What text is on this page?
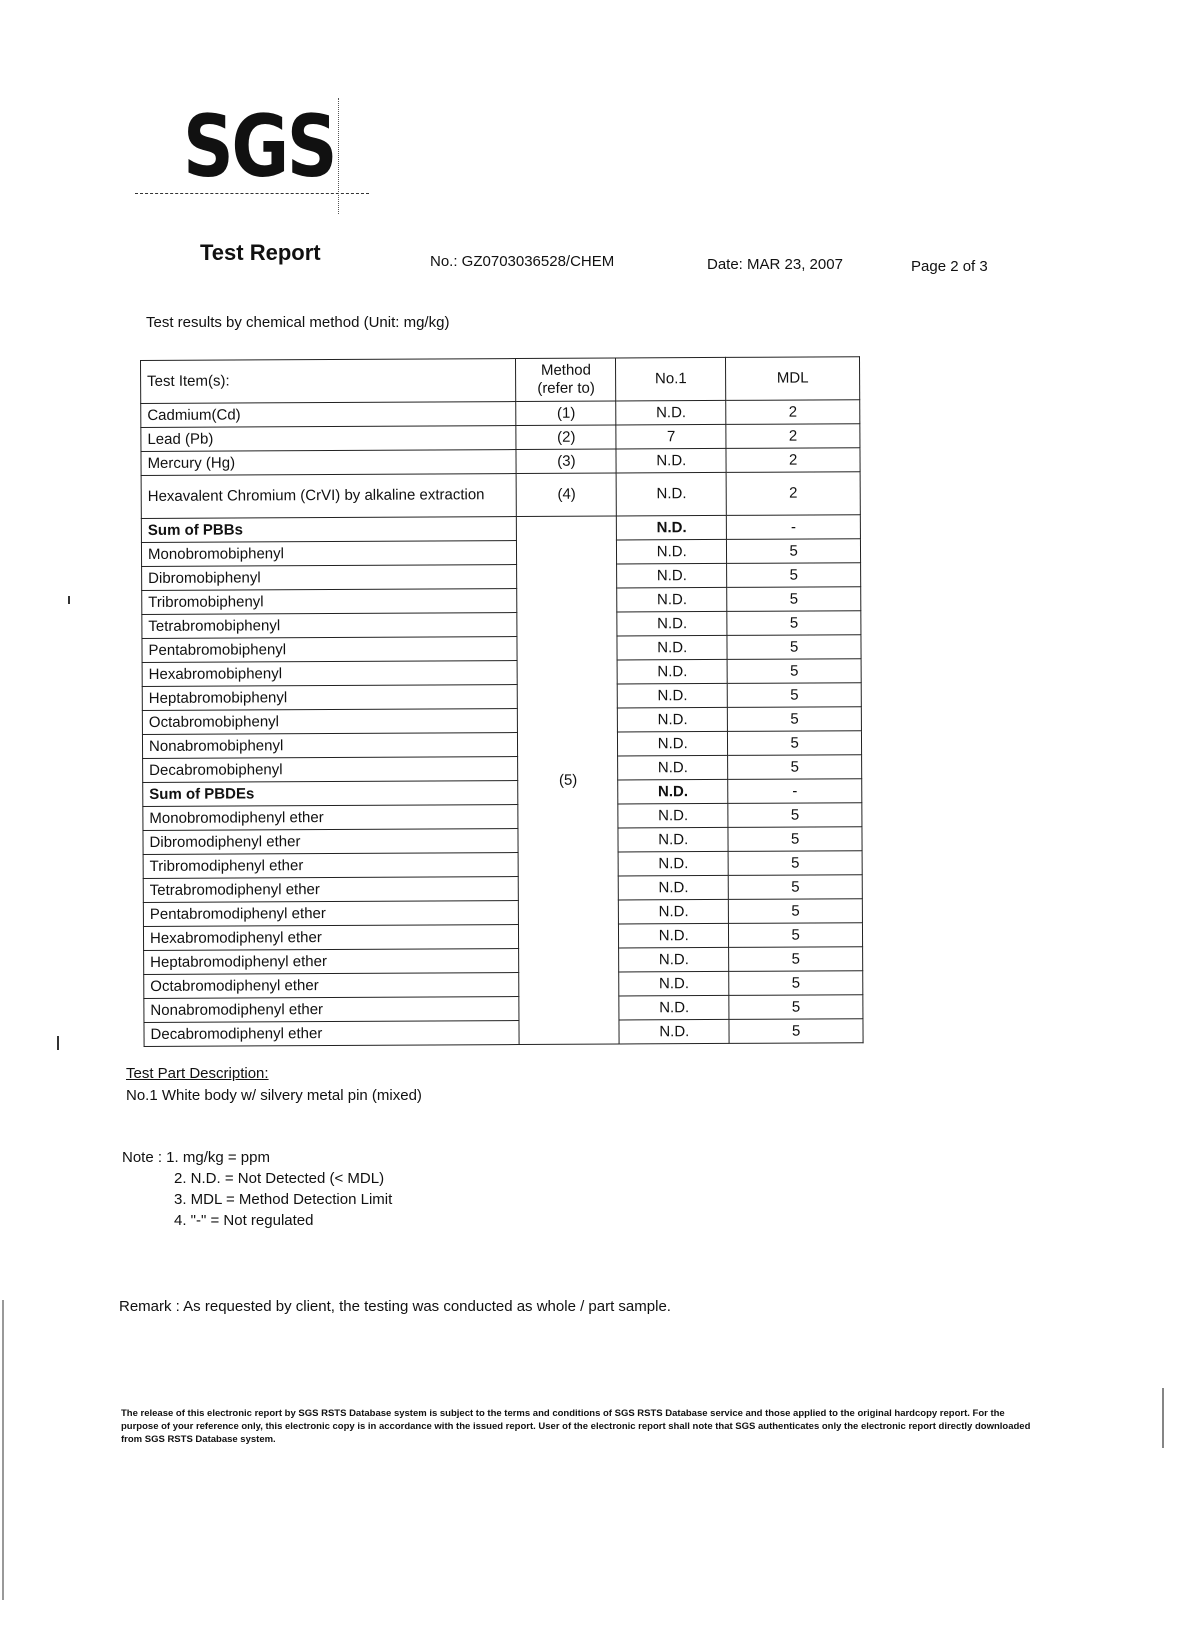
SGS
Test Report	No.: GZ0703036528/CHEM	Date: MAR 23, 2007	Page 2 of 3
Test results by chemical method (Unit: mg/kg)
Test Item(s):	Method (refer to)	No.1	MDL
Cadmium(Cd)	(1)	N.D.	2
Lead (Pb)	(2)	7	2
Mercury (Hg)	(3)	N.D.	2
Hexavalent Chromium (CrVI) by alkaline extraction	(4)	N.D.	2
Sum of PBBs	(5)	N.D.	-
Monobromobiphenyl		N.D.	5
Dibromobiphenyl		N.D.	5
Tribromobiphenyl		N.D.	5
Tetrabromobiphenyl		N.D.	5
Pentabromobiphenyl		N.D.	5
Hexabromobiphenyl		N.D.	5
Heptabromobiphenyl		N.D.	5
Octabromobiphenyl		N.D.	5
Nonabromobiphenyl		N.D.	5
Decabromobiphenyl		N.D.	5
Sum of PBDEs		N.D.	-
Monobromodiphenyl ether		N.D.	5
Dibromodiphenyl ether		N.D.	5
Tribromodiphenyl ether		N.D.	5
Tetrabromodiphenyl ether		N.D.	5
Pentabromodiphenyl ether		N.D.	5
Hexabromodiphenyl ether		N.D.	5
Heptabromodiphenyl ether		N.D.	5
Octabromodiphenyl ether		N.D.	5
Nonabromodiphenyl ether		N.D.	5
Decabromodiphenyl ether		N.D.	5
Test Part Description:
No.1 White body w/ silvery metal pin (mixed)
Note : 1. mg/kg = ppm
2. N.D. = Not Detected (< MDL)
3. MDL = Method Detection Limit
4. "-" = Not regulated
Remark : As requested by client, the testing was conducted as whole / part sample.
The release of this electronic report by SGS RSTS Database system is subject to the terms and conditions of SGS RSTS Database service and those applied to the original hardcopy report. For the purpose of your reference only, this electronic copy is in accordance with the issued report. User of the electronic report shall note that SGS authenticates only the electronic report directly downloaded from SGS RSTS Database system.
